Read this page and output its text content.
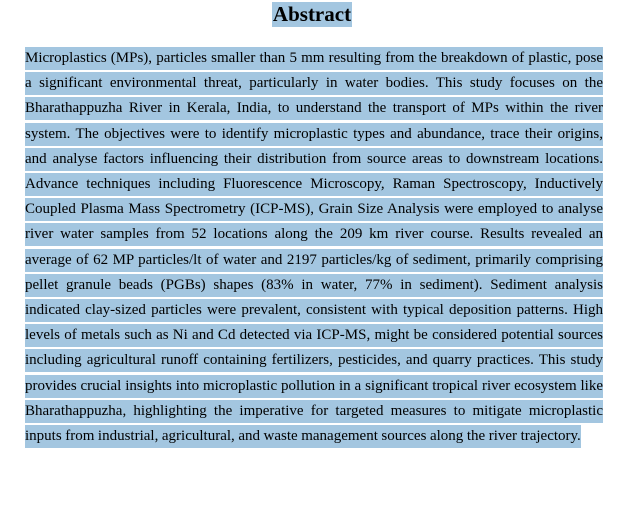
Abstract

Microplastics (MPs), particles smaller than 5 mm resulting from the breakdown of plastic, pose a significant environmental threat, particularly in water bodies. This study focuses on the Bharathappuzha River in Kerala, India, to understand the transport of MPs within the river system. The objectives were to identify microplastic types and abundance, trace their origins, and analyse factors influencing their distribution from source areas to downstream locations. Advance techniques including Fluorescence Microscopy, Raman Spectroscopy, Inductively Coupled Plasma Mass Spectrometry (ICP-MS), Grain Size Analysis were employed to analyse river water samples from 52 locations along the 209 km river course. Results revealed an average of 62 MP particles/lt of water and 2197 particles/kg of sediment, primarily comprising pellet granule beads (PGBs) shapes (83% in water, 77% in sediment). Sediment analysis indicated clay-sized particles were prevalent, consistent with typical deposition patterns. High levels of metals such as Ni and Cd detected via ICP-MS, might be considered potential sources including agricultural runoff containing fertilizers, pesticides, and quarry practices. This study provides crucial insights into microplastic pollution in a significant tropical river ecosystem like Bharathappuzha, highlighting the imperative for targeted measures to mitigate microplastic inputs from industrial, agricultural, and waste management sources along the river trajectory.
